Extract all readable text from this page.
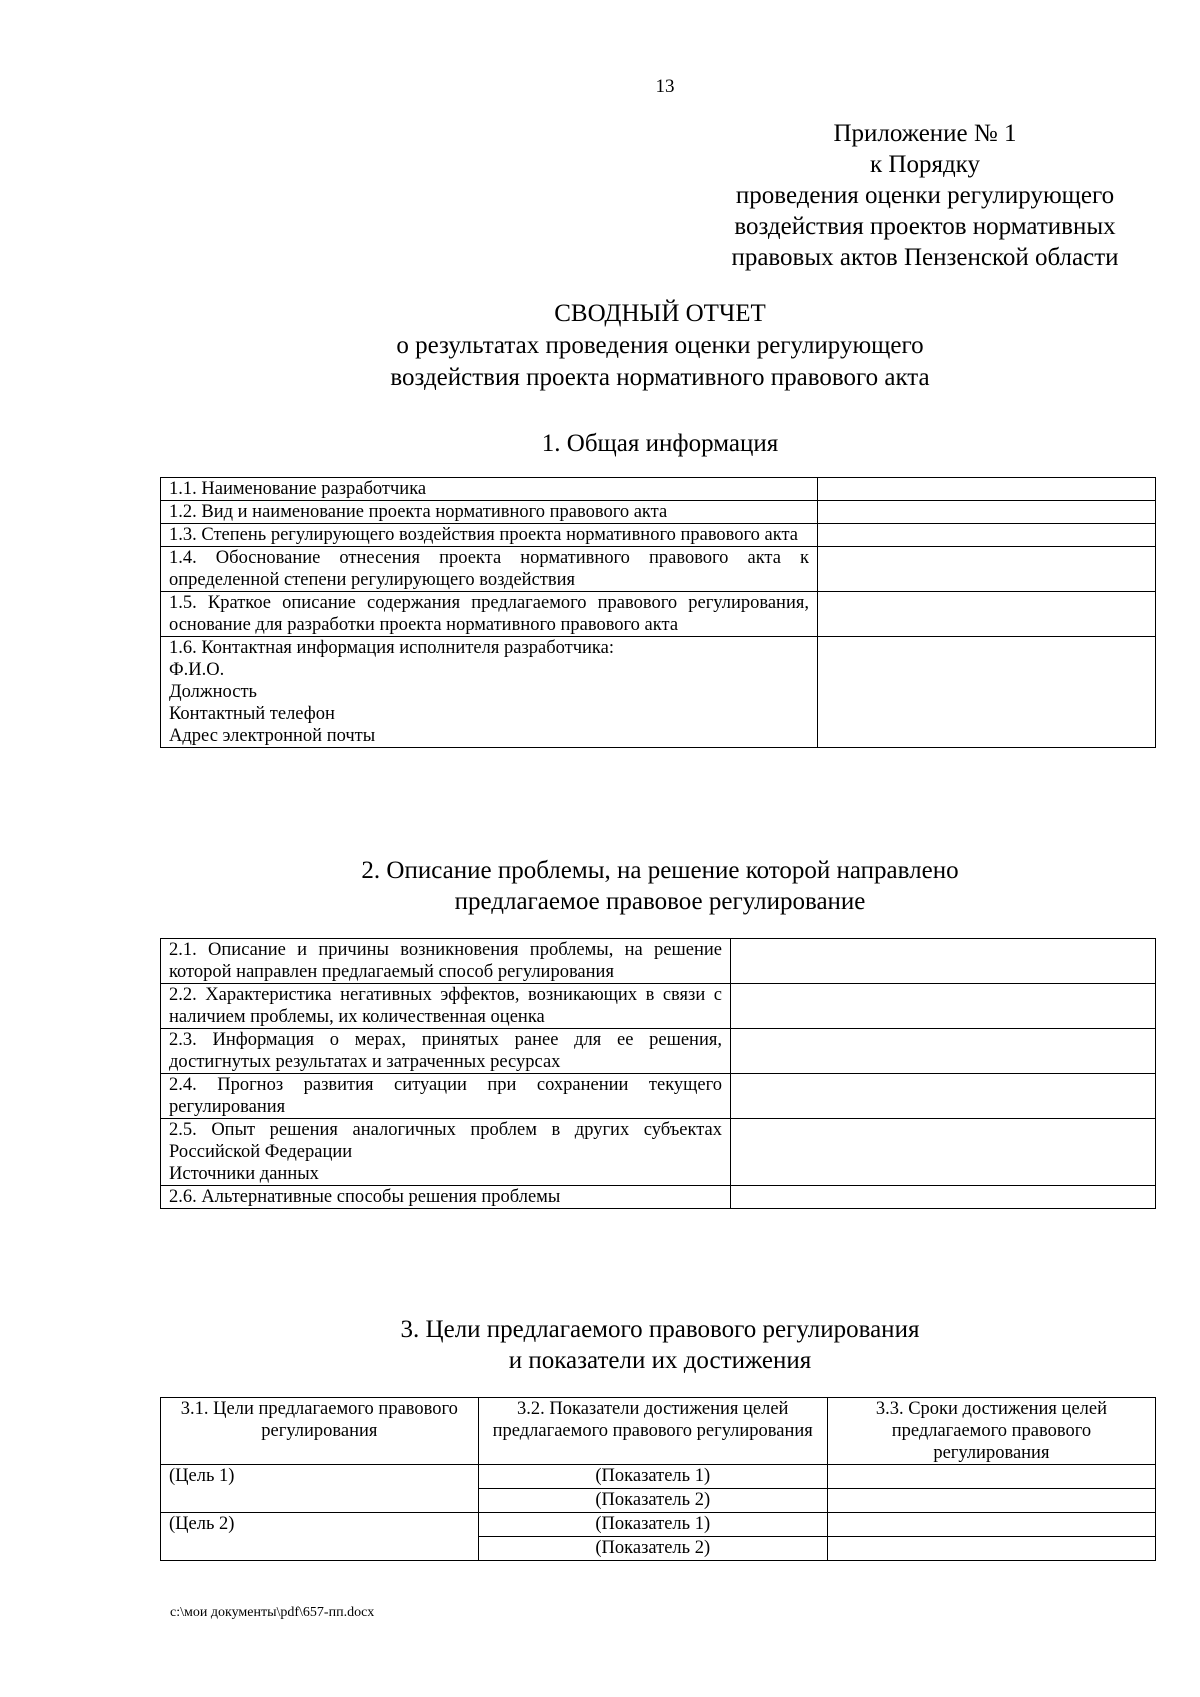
13
Приложение № 1
к Порядку
проведения оценки регулирующего
воздействия проектов нормативных
правовых актов Пензенской области
СВОДНЫЙ ОТЧЕТ
о результатах проведения оценки регулирующего
воздействия проекта нормативного правового акта
1. Общая информация
1.1. Наименование разработчика	

1.2. Вид и наименование проекта нормативного правового акта	

1.3. Степень регулирующего воздействия проекта нормативного правового акта	

1.4. Обоснование отнесения проекта нормативного правового акта к определенной степени регулирующего воздействия	

1.5. Краткое описание содержания предлагаемого правового регулирования, основание для разработки проекта нормативного правового акта	

1.6. Контактная информация исполнителя разработчика:
Ф.И.О.
Должность
Контактный телефон
Адрес электронной почты	

2. Описание проблемы, на решение которой направлено
предлагаемое правовое регулирование
2.1. Описание и причины возникновения проблемы, на решение которой направлен предлагаемый способ регулирования	

2.2. Характеристика негативных эффектов, возникающих в связи с наличием проблемы, их количественная оценка	

2.3. Информация о мерах, принятых ранее для ее решения, достигнутых результатах и затраченных ресурсах	

2.4. Прогноз развития ситуации при сохранении текущего регулирования	

2.5. Опыт решения аналогичных проблем в других субъектах Российской Федерации
Источники данных	

2.6. Альтернативные способы решения проблемы	

3. Цели предлагаемого правового регулирования
и показатели их достижения
3.1. Цели предлагаемого правового регулирования	3.2. Показатели достижения целей предлагаемого правового регулирования	3.3. Сроки достижения целей предлагаемого правового регулирования
(Цель 1)	(Показатель 1)	
	(Показатель 2)	
(Цель 2)	(Показатель 1)	
	(Показатель 2)	
c:\мои документы\pdf\657-пп.docx
